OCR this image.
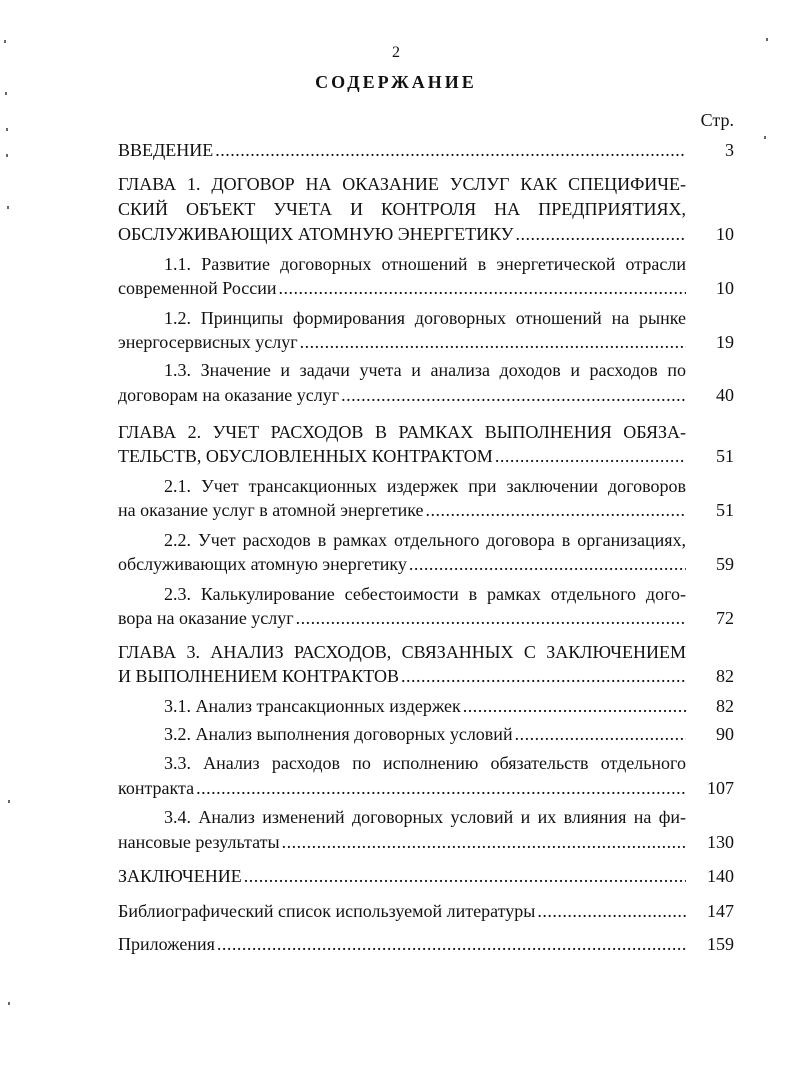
2
СОДЕРЖАНИЕ
Стр.
ВВЕДЕНИЕ . . .	3
ГЛАВА 1. ДОГОВОР НА ОКАЗАНИЕ УСЛУГ КАК СПЕЦИФИЧЕ-
СКИЙ ОБЪЕКТ УЧЕТА И КОНТРОЛЯ НА ПРЕДПРИЯТИЯХ,
ОБСЛУЖИВАЮЩИХ АТОМНУЮ ЭНЕРГЕТИКУ . . .	10
1.1. Развитие договорных отношений в энергетической отрасли
современной России . . .	10
1.2. Принципы формирования договорных отношений на рынке
энергосервисных услуг . . .	19
1.3. Значение и задачи учета и анализа доходов и расходов по
договорам на оказание услуг . . .	40
ГЛАВА 2. УЧЕТ РАСХОДОВ В РАМКАХ ВЫПОЛНЕНИЯ ОБЯЗА-
ТЕЛЬСТВ, ОБУСЛОВЛЕННЫХ КОНТРАКТОМ . . .	51
2.1. Учет трансакционных издержек при заключении договоров
на оказание услуг в атомной энергетике . . .	51
2.2. Учет расходов в рамках отдельного договора в организациях,
обслуживающих атомную энергетику . . .	59
2.3. Калькулирование себестоимости в рамках отдельного дого-
вора на оказание услуг . . .	72
ГЛАВА 3. АНАЛИЗ РАСХОДОВ, СВЯЗАННЫХ С ЗАКЛЮЧЕНИЕМ
И ВЫПОЛНЕНИЕМ КОНТРАКТОВ . . .	82
3.1. Анализ трансакционных издержек . . .	82
3.2. Анализ выполнения договорных условий . . .	90
3.3. Анализ расходов по исполнению обязательств отдельного
контракта . . .	107
3.4. Анализ изменений договорных условий и их влияния на фи-
нансовые результаты . . .	130
ЗАКЛЮЧЕНИЕ . . .	140
Библиографический список используемой литературы . . .	147
Приложения . . .	159
